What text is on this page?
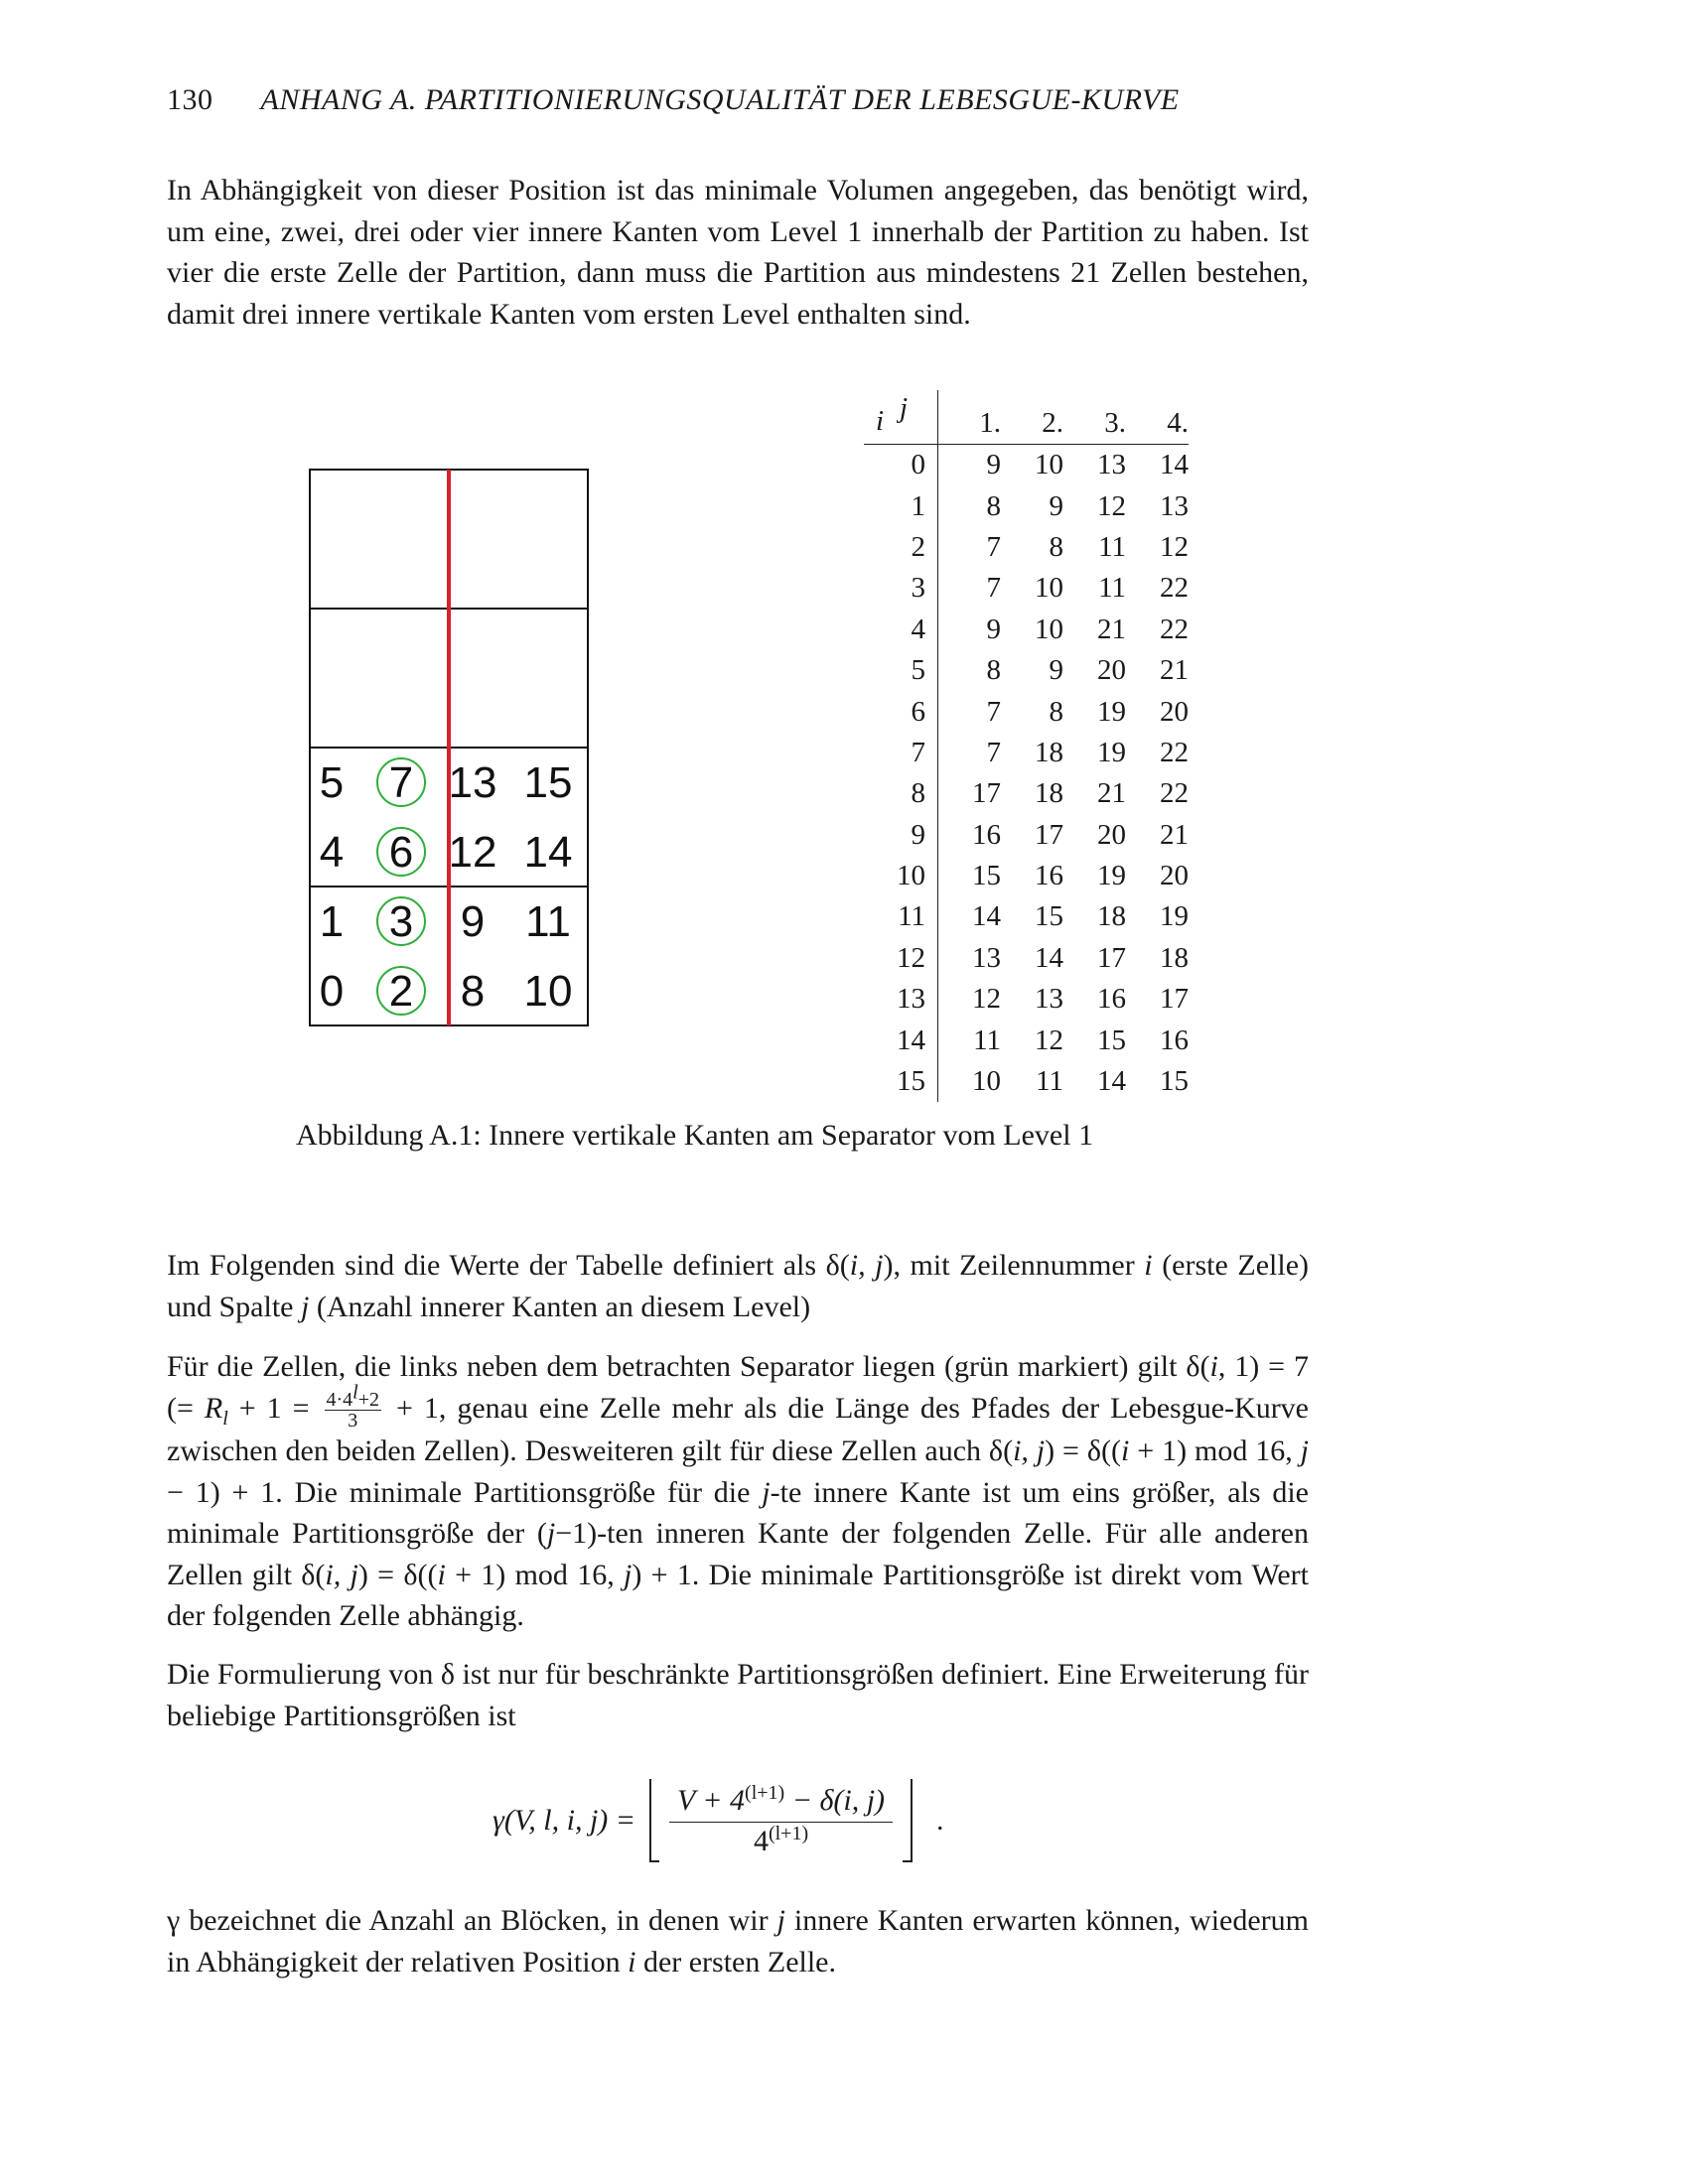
130 ANHANG A. PARTITIONIERUNGSQUALITÄT DER LEBESGUE-KURVE
In Abhängigkeit von dieser Position ist das minimale Volumen angegeben, das benötigt wird, um eine, zwei, drei oder vier innere Kanten vom Level 1 innerhalb der Partition zu haben. Ist vier die erste Zelle der Partition, dann muss die Partition aus mindestens 21 Zellen bestehen, damit drei innere vertikale Kanten vom ersten Level enthalten sind.
5 7 13 15
4 6 12 14
1 3 9 11
0 2 8 10
i j	1.	2.	3.	4.
0	9	10	13	14
1	8	9	12	13
2	7	8	11	12
3	7	10	11	22
4	9	10	21	22
5	8	9	20	21
6	7	8	19	20
7	7	18	19	22
8	17	18	21	22
9	16	17	20	21
10	15	16	19	20
11	14	15	18	19
12	13	14	17	18
13	12	13	16	17
14	11	12	15	16
15	10	11	14	15
Abbildung A.1: Innere vertikale Kanten am Separator vom Level 1
Im Folgenden sind die Werte der Tabelle definiert als δ(i, j), mit Zeilennummer i (erste Zelle) und Spalte j (Anzahl innerer Kanten an diesem Level)
Für die Zellen, die links neben dem betrachten Separator liegen (grün markiert) gilt δ(i, 1) = 7 (= $R_l + 1 = \frac{4\cdot 4^l+2}{3} + 1$, genau eine Zelle mehr als die Länge des Pfades der Lebesgue-Kurve zwischen den beiden Zellen). Desweiteren gilt für diese Zellen auch δ(i, j) = δ((i + 1) mod 16, j − 1) + 1. Die minimale Partitionsgröße für die j-te innere Kante ist um eins größer, als die minimale Partitionsgröße der (j−1)-ten inneren Kante der folgenden Zelle. Für alle anderen Zellen gilt δ(i, j) = δ((i + 1) mod 16, j) + 1. Die minimale Partitionsgröße ist direkt vom Wert der folgenden Zelle abhängig.
Die Formulierung von δ ist nur für beschränkte Partitionsgrößen definiert. Eine Erweiterung für beliebige Partitionsgrößen ist
γ(V, l, i, $j) = \frac{V + 4^{(l+1)} - \delta(i, j)}{4^{(l+1)}}$ .
γ bezeichnet die Anzahl an Blöcken, in denen wir j innere Kanten erwarten können, wiederum in Abhängigkeit der relativen Position i der ersten Zelle.
